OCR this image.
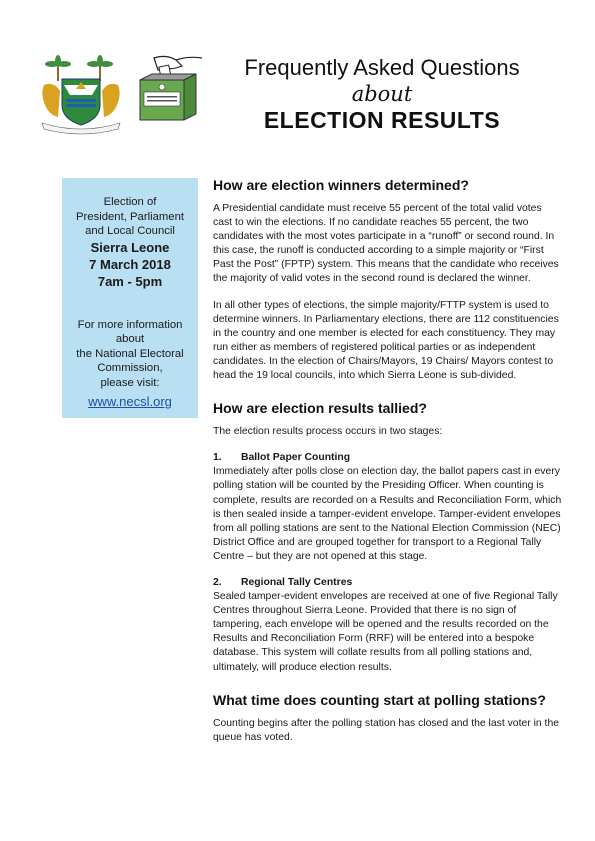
Frequently Asked Questions
about
ELECTION RESULTS
Election of
President, Parliament
and Local Council
Sierra Leone
7 March 2018
7am - 5pm
For more information about
the National Electoral
Commission,
please visit:
www.necsl.org
How are election winners determined?

A Presidential candidate must receive 55 percent of the total valid votes cast to win the elections. If no candidate reaches 55 percent, the two candidates with the most votes participate in a “runoff” or second round. In this case, the runoff is conducted according to a simple majority or “First Past the Post” (FPTP) system. This means that the candidate who receives the majority of valid votes in the second round is declared the winner.

In all other types of elections, the simple majority/FTTP system is used to determine winners. In Parliamentary elections, there are 112 constituencies in the country and one member is elected for each constituency. They may run either as members of registered political parties or as independent candidates. In the election of Chairs/Mayors, 19 Chairs/ Mayors contest to head the 19 local councils, into which Sierra Leone is sub-divided.

How are election results tallied?

The election results process occurs in two stages:

1. Ballot Paper Counting

Immediately after polls close on election day, the ballot papers cast in every polling station will be counted by the Presiding Officer. When counting is complete, results are recorded on a Results and Reconciliation Form, which is then sealed inside a tamper-evident envelope. Tamper-evident envelopes from all polling stations are sent to the National Election Commission (NEC) District Office and are grouped together for transport to a Regional Tally Centre – but they are not opened at this stage.

2. Regional Tally Centres

Sealed tamper-evident envelopes are received at one of five Regional Tally Centres throughout Sierra Leone. Provided that there is no sign of tampering, each envelope will be opened and the results recorded on the Results and Reconciliation Form (RRF) will be entered into a bespoke database. This system will collate results from all polling stations and, ultimately, will produce election results.

What time does counting start at polling stations?

Counting begins after the polling station has closed and the last voter in the queue has voted.
